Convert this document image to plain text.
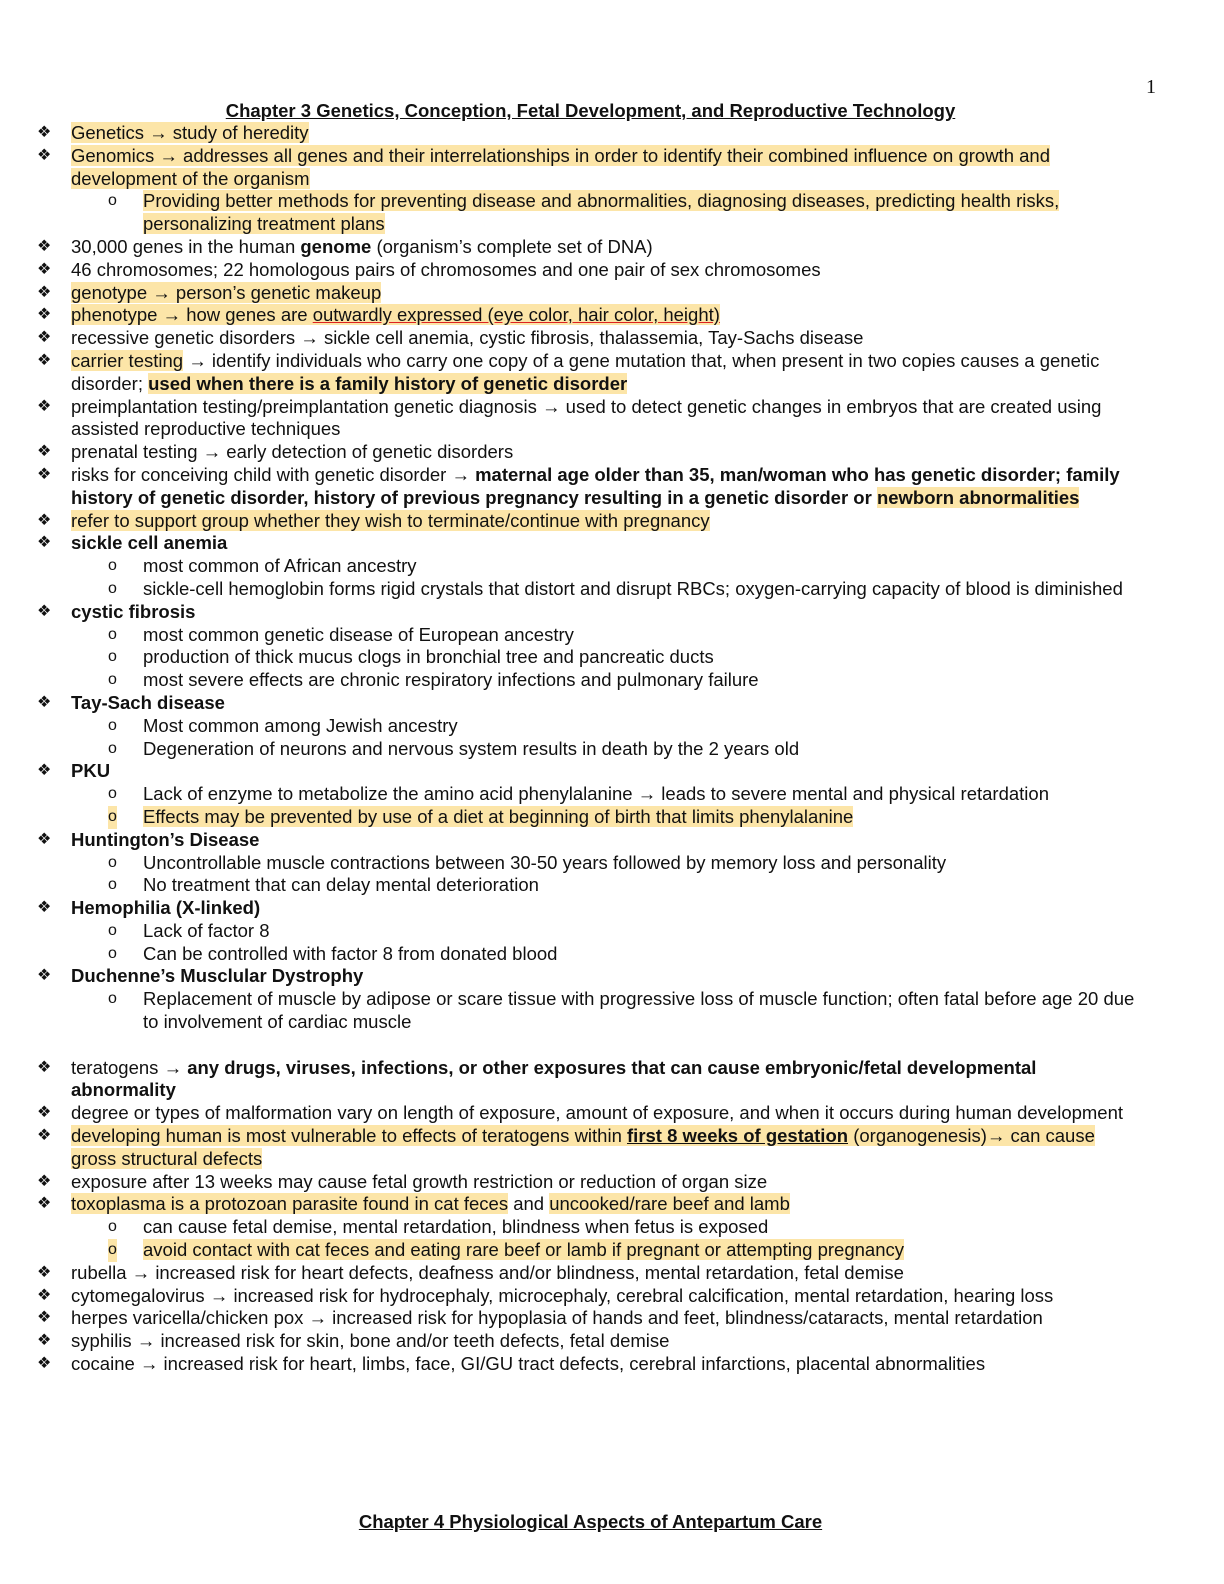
1
Chapter 3 Genetics, Conception, Fetal Development, and Reproductive Technology
❖ Genetics → study of heredity
❖ Genomics → addresses all genes and their interrelationships in order to identify their combined influence on growth and development of the organism
o Providing better methods for preventing disease and abnormalities, diagnosing diseases, predicting health risks, personalizing treatment plans
❖ 30,000 genes in the human genome (organism’s complete set of DNA)
❖ 46 chromosomes; 22 homologous pairs of chromosomes and one pair of sex chromosomes
❖ genotype → person’s genetic makeup
❖ phenotype → how genes are outwardly expressed (eye color, hair color, height)
❖ recessive genetic disorders → sickle cell anemia, cystic fibrosis, thalassemia, Tay-Sachs disease
❖ carrier testing → identify individuals who carry one copy of a gene mutation that, when present in two copies causes a genetic disorder; used when there is a family history of genetic disorder
❖ preimplantation testing/preimplantation genetic diagnosis → used to detect genetic changes in embryos that are created using assisted reproductive techniques
❖ prenatal testing → early detection of genetic disorders
❖ risks for conceiving child with genetic disorder → maternal age older than 35, man/woman who has genetic disorder; family history of genetic disorder, history of previous pregnancy resulting in a genetic disorder or newborn abnormalities
❖ refer to support group whether they wish to terminate/continue with pregnancy
❖ sickle cell anemia
o most common of African ancestry
o sickle-cell hemoglobin forms rigid crystals that distort and disrupt RBCs; oxygen-carrying capacity of blood is diminished
❖ cystic fibrosis
o most common genetic disease of European ancestry
o production of thick mucus clogs in bronchial tree and pancreatic ducts
o most severe effects are chronic respiratory infections and pulmonary failure
❖ Tay-Sach disease
o Most common among Jewish ancestry
o Degeneration of neurons and nervous system results in death by the 2 years old
❖ PKU
o Lack of enzyme to metabolize the amino acid phenylalanine → leads to severe mental and physical retardation
o Effects may be prevented by use of a diet at beginning of birth that limits phenylalanine
❖ Huntington’s Disease
o Uncontrollable muscle contractions between 30-50 years followed by memory loss and personality
o No treatment that can delay mental deterioration
❖ Hemophilia (X-linked)
o Lack of factor 8
o Can be controlled with factor 8 from donated blood
❖ Duchenne’s Musclular Dystrophy
o Replacement of muscle by adipose or scare tissue with progressive loss of muscle function; often fatal before age 20 due to involvement of cardiac muscle
❖ teratogens → any drugs, viruses, infections, or other exposures that can cause embryonic/fetal developmental abnormality
❖ degree or types of malformation vary on length of exposure, amount of exposure, and when it occurs during human development
❖ developing human is most vulnerable to effects of teratogens within first 8 weeks of gestation (organogenesis)→ can cause gross structural defects
❖ exposure after 13 weeks may cause fetal growth restriction or reduction of organ size
❖ toxoplasma is a protozoan parasite found in cat feces and uncooked/rare beef and lamb
o can cause fetal demise, mental retardation, blindness when fetus is exposed
o avoid contact with cat feces and eating rare beef or lamb if pregnant or attempting pregnancy
❖ rubella → increased risk for heart defects, deafness and/or blindness, mental retardation, fetal demise
❖ cytomegalovirus → increased risk for hydrocephaly, microcephaly, cerebral calcification, mental retardation, hearing loss
❖ herpes varicella/chicken pox → increased risk for hypoplasia of hands and feet, blindness/cataracts, mental retardation
❖ syphilis → increased risk for skin, bone and/or teeth defects, fetal demise
❖ cocaine → increased risk for heart, limbs, face, GI/GU tract defects, cerebral infarctions, placental abnormalities
Chapter 4 Physiological Aspects of Antepartum Care
